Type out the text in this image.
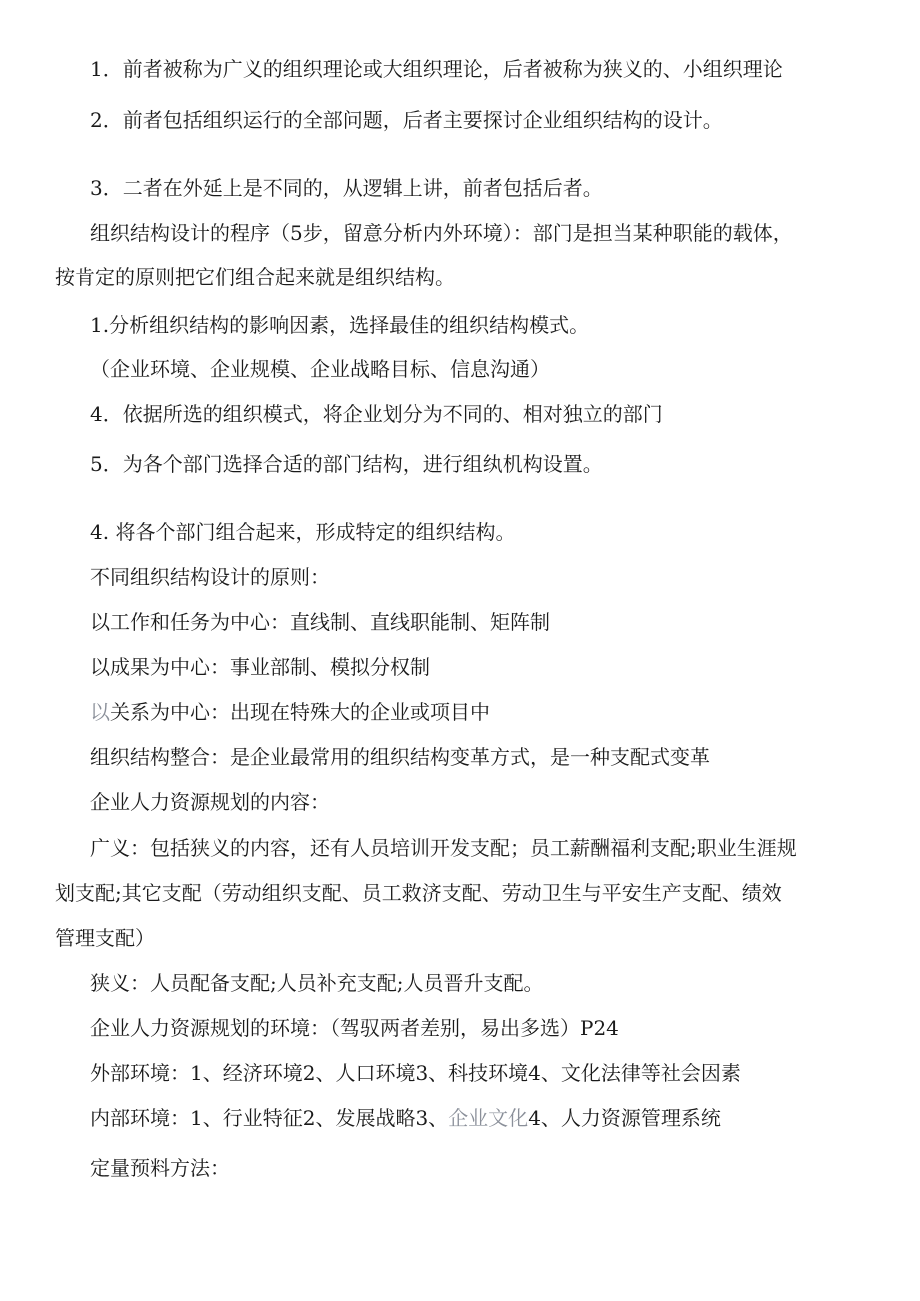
1．前者被称为广义的组织理论或大组织理论，后者被称为狭义的、小组织理论
2．前者包括组织运行的全部问题，后者主要探讨企业组织结构的设计。
3．二者在外延上是不同的，从逻辑上讲，前者包括后者。
组织结构设计的程序（5步，留意分析内外环境）：部门是担当某种职能的载体，
按肯定的原则把它们组合起来就是组织结构。
1.分析组织结构的影响因素，选择最佳的组织结构模式。
（企业环境、企业规模、企业战略目标、信息沟通）
4．依据所选的组织模式，将企业划分为不同的、相对独立的部门
5．为各个部门选择合适的部门结构，进行组纨机构设置。
4. 将各个部门组合起来，形成特定的组织结构。
不同组织结构设计的原则：
以工作和任务为中心：直线制、直线职能制、矩阵制
以成果为中心：事业部制、模拟分权制
以关系为中心：出现在特殊大的企业或项目中
组织结构整合：是企业最常用的组织结构变革方式，是一种支配式变革
企业人力资源规划的内容：
广义：包括狭义的内容，还有人员培训开发支配；员工薪酬福利支配;职业生涯规
划支配;其它支配（劳动组织支配、员工救济支配、劳动卫生与平安生产支配、绩效
管理支配）
狭义：人员配备支配;人员补充支配;人员晋升支配。
企业人力资源规划的环境：（驾驭两者差别，易出多选）P24
外部环境：1、经济环境2、人口环境3、科技环境4、文化法律等社会因素
内部环境：1、行业特征2、发展战略3、企业文化4、人力资源管理系统
定量预料方法：
